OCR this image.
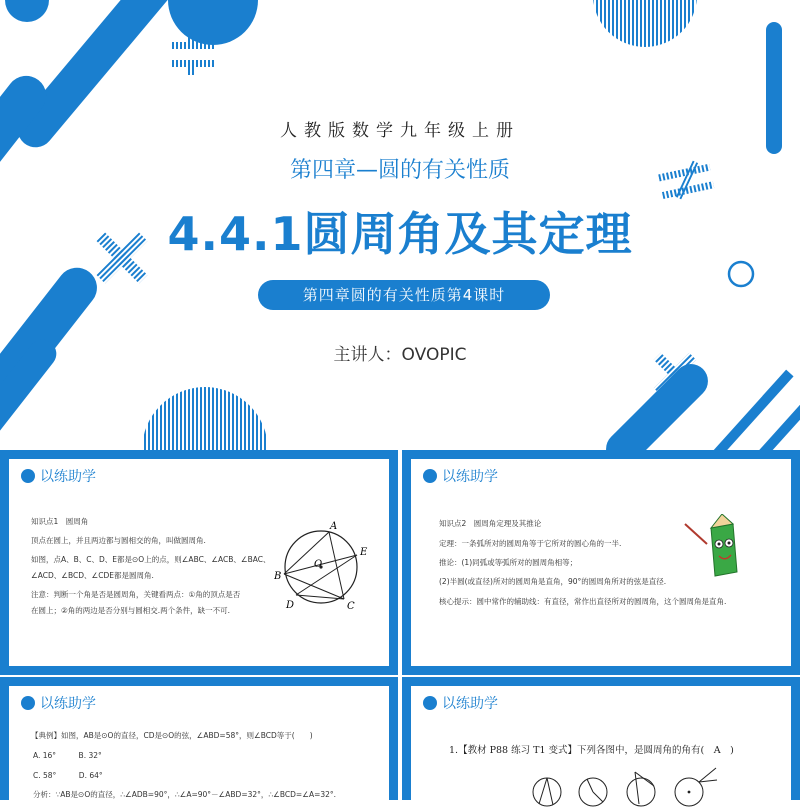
人教版数学九年级上册
第四章—圆的有关性质
4.4.1圆周角及其定理
第四章圆的有关性质第4课时
主讲人：OVOPIC
以练助学
知识点1　圆周角
顶点在圆上，并且两边都与圆相交的角，叫做圆周角.
如图，点A、B、C、D、E都是⊙O上的点，则∠ABC、∠ACB、∠BAC、
∠ACD、∠BCD、∠CDE都是圆周角.
注意：判断一个角是否是圆周角，关键看两点：①角的顶点是否
在圆上；②角的两边是否分别与圆相交.两个条件，缺一不可.
A
E
O
B
D	C
以练助学
知识点2　圆周角定理及其推论
定理：一条弧所对的圆周角等于它所对的圆心角的一半.
推论：(1)同弧或等弧所对的圆周角相等；
(2)半圆(或直径)所对的圆周角是直角，90°的圆周角所对的弦是直径.
核心提示：圆中常作的辅助线：有直径，常作出直径所对的圆周角，这个圆周角是直角.
以练助学
【典例】如图，AB是⊙O的直径，CD是⊙O的弦，∠ABD=58°，则∠BCD等于(　　)
A. 16°　　　B. 32°
C. 58°　　　D. 64°
分析：∵AB是⊙O的直径，∴∠ADB=90°，∴∠A=90°－∠ABD=32°，∴∠BCD=∠A=32°.
以练助学
1.【教材 P88 练习 T1 变式】下列各图中，是圆周角的角有(　A　)
